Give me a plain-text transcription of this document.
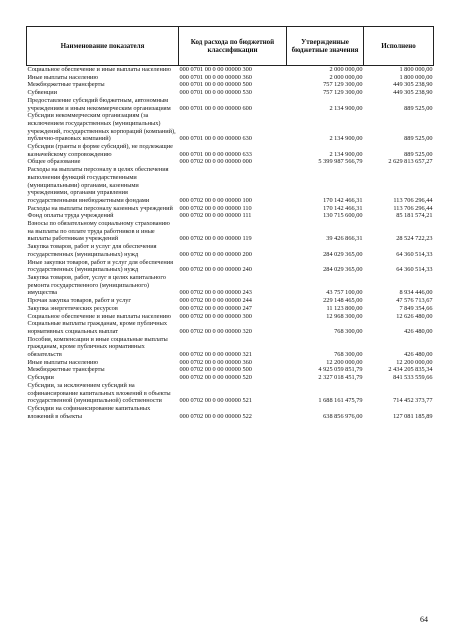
Наименование показателя	Код расхода по бюджетной классификации	Утвержденные бюджетные значения	Исполнено
Социальное обеспечение и иные выплаты населению	000 0701 00 0 00 00000 300	2 000 000,00	1 800 000,00
Иные выплаты населению	000 0701 00 0 00 00000 360	2 000 000,00	1 800 000,00
Межбюджетные трансферты	000 0701 00 0 00 00000 500	757 129 300,00	449 305 238,90
Субвенции	000 0701 00 0 00 00000 530	757 129 300,00	449 305 238,90
Предоставление субсидий бюджетным, автономным учреждениям и иным некоммерческим организациям	000 0701 00 0 00 00000 600	2 134 900,00	889 525,00
Субсидии некоммерческим организациям (за исключением государственных (муниципальных) учреждений, государственных корпораций (компаний), публично-правовых компаний)	000 0701 00 0 00 00000 630	2 134 900,00	889 525,00
Субсидии (гранты в форме субсидий), не подлежащие казначейскому сопровождению	000 0701 00 0 00 00000 633	2 134 900,00	889 525,00
Общее образование	000 0702 00 0 00 00000 000	5 399 987 566,79	2 629 813 657,27
Расходы на выплаты персоналу в целях обеспечения выполнения функций государственными (муниципальными) органами, казенными учреждениями, органами управления государственными внебюджетными фондами	000 0702 00 0 00 00000 100	170 142 466,31	113 706 296,44
Расходы на выплаты персоналу казенных учреждений	000 0702 00 0 00 00000 110	170 142 466,31	113 706 296,44
Фонд оплаты труда учреждений	000 0702 00 0 00 00000 111	130 715 600,00	85 181 574,21
Взносы по обязательному социальному страхованию на выплаты по оплате труда работников и иные выплаты работникам учреждений	000 0702 00 0 00 00000 119	39 426 866,31	28 524 722,23
Закупка товаров, работ и услуг для обеспечения государственных (муниципальных) нужд	000 0702 00 0 00 00000 200	284 029 365,00	64 360 514,33
Иные закупки товаров, работ и услуг для обеспечения государственных (муниципальных) нужд	000 0702 00 0 00 00000 240	284 029 365,00	64 360 514,33
Закупка товаров, работ, услуг в целях капитального ремонта государственного (муниципального) имущества	000 0702 00 0 00 00000 243	43 757 100,00	8 934 446,00
Прочая закупка товаров, работ и услуг	000 0702 00 0 00 00000 244	229 148 465,00	47 576 713,67
Закупка энергетических ресурсов	000 0702 00 0 00 00000 247	11 123 800,00	7 849 354,66
Социальное обеспечение и иные выплаты населению	000 0702 00 0 00 00000 300	12 968 300,00	12 626 480,00
Социальные выплаты гражданам, кроме публичных нормативных социальных выплат	000 0702 00 0 00 00000 320	768 300,00	426 480,00
Пособия, компенсации и иные социальные выплаты гражданам, кроме публичных нормативных обязательств	000 0702 00 0 00 00000 321	768 300,00	426 480,00
Иные выплаты населению	000 0702 00 0 00 00000 360	12 200 000,00	12 200 000,00
Межбюджетные трансферты	000 0702 00 0 00 00000 500	4 925 059 851,79	2 434 205 835,34
Субсидии	000 0702 00 0 00 00000 520	2 327 018 451,79	841 533 559,66
Субсидии, за исключением субсидий на софинансирование капитальных вложений в объекты государственной (муниципальной) собственности	000 0702 00 0 00 00000 521	1 688 161 475,79	714 452 373,77
Субсидии на софинансирование капитальных вложений в объекты	000 0702 00 0 00 00000 522	638 856 976,00	127 081 185,89
64
